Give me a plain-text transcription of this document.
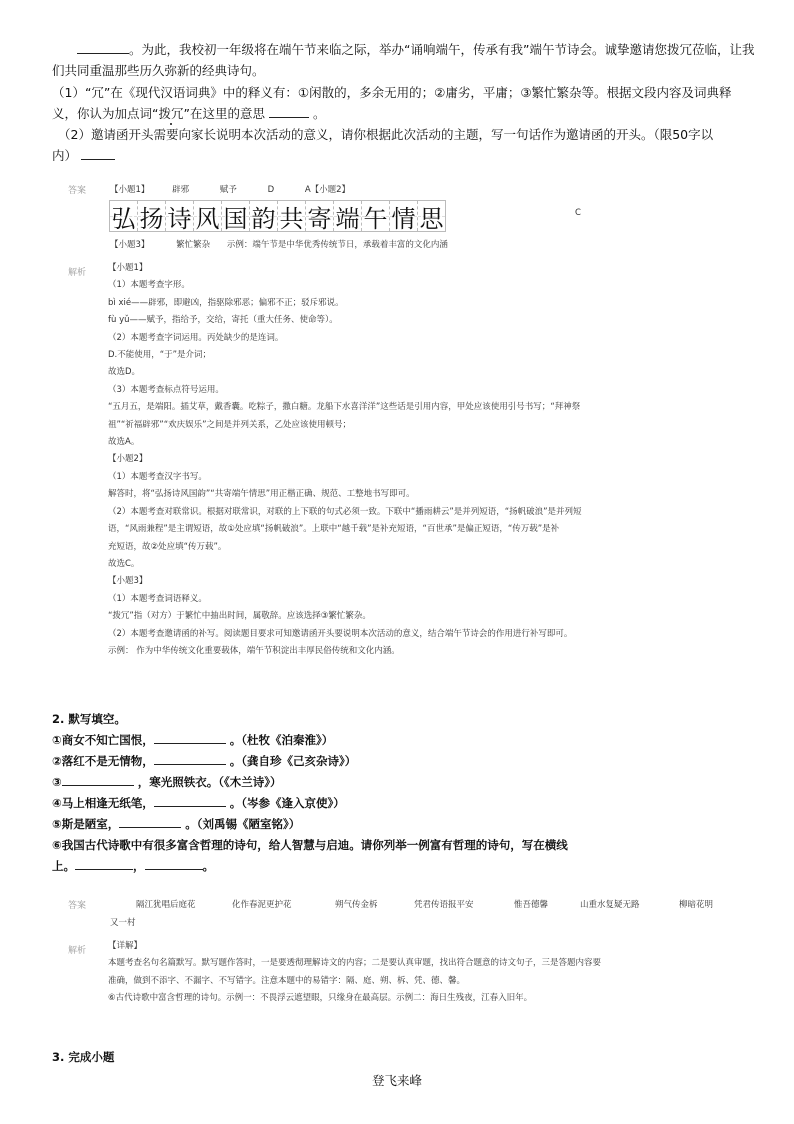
。为此，我校初一年级将在端午节来临之际，举办“诵响端午，传承有我”端午节诗会。诚挚邀请您拨冗莅临，让我
们共同重温那些历久弥新的经典诗句。
（1）“冗”在《现代汉语词典》中的释义有：①闲散的，多余无用的；②庸劣，平庸；③繁忙繁杂等。根据文段内容及词典释
义，你认为加点词“拨冗”在这里的意思	。
（2）邀请函开头需要向家长说明本次活动的意义，请你根据此次活动的主题，写一句话作为邀请函的开头。（限50字以
内）
答案	【小题1】	辟邪	赋予	D	A【小题2】
弘 扬 诗 风 国 韵 共 寄 端 午 情 思	C
【小题3】	繁忙繁杂 示例：端午节是中华优秀传统节日，承载着丰富的文化内涵
解析	【小题1】
（1）本题考查字形。
bì xié——辟邪，即避凶，指驱除邪恶；偏邪不正；驳斥邪说。
fù yǔ——赋予，指给予，交给，寄托（重大任务、使命等）。
（2）本题考查字词运用。丙处缺少的是连词。
D.不能使用，“于”是介词；
故选D。
（3）本题考查标点符号运用。
“五月五，是端阳。插艾草，戴香囊。吃粽子，撒白糖。龙船下水喜洋洋”这些话是引用内容，甲处应该使用引号书写；“拜神祭
祖”“祈福辟邪”“欢庆娱乐”之间是并列关系，乙处应该使用顿号；
故选A。
【小题2】
（1）本题考查汉字书写。
解答时，将“弘扬诗风国韵”“共寄端午情思”用正楷正确、规范、工整地书写即可。
（2）本题考查对联常识。根据对联常识，对联的上下联的句式必须一致。下联中“播雨耕云”是并列短语，“扬帆破浪”是并列短
语，“风雨兼程”是主谓短语，故①处应填“扬帆破浪”。上联中“越千载”是补充短语，“百世承”是偏正短语，“传万载”是补
充短语，故②处应填“传万载”。
故选C。
【小题3】
（1）本题考查词语释义。
“拨冗”指（对方）于繁忙中抽出时间，属敬辞。应该选择③繁忙繁杂。
（2）本题考查邀请函的补写。阅读题目要求可知邀请函开头要说明本次活动的意义，结合端午节诗会的作用进行补写即可。
示例： 作为中华传统文化重要载体，端午节积淀出丰厚民俗传统和文化内涵。
2. 默写填空。
①商女不知亡国恨，	。（杜牧《泊秦淮》）
②落红不是无情物，	。（龚自珍《己亥杂诗》）
③	，寒光照铁衣。（《木兰诗》）
④马上相逢无纸笔，	。（岑参《逢入京使》）
⑤斯是陋室，	。（刘禹锡《陋室铭》）
⑥我国古代诗歌中有很多富含哲理的诗句，给人智慧与启迪。请你列举一例富有哲理的诗句，写在横线
上。	，	。
答案	隔江犹唱后庭花	化作春泥更护花	朔气传金柝	凭君传语报平安	惟吾德馨	山重水复疑无路	柳暗花明
又一村
解析	【详解】
本题考查名句名篇默写。默写题作答时，一是要透彻理解诗文的内容；二是要认真审题，找出符合题意的诗文句子，三是答题内容要
准确，做到不添字、不漏字、不写错字。注意本题中的易错字：隔、庭、朔、柝、凭、德、馨。
⑥古代诗歌中富含哲理的诗句。示例一：不畏浮云遮望眼，只缘身在最高层。示例二：海日生残夜，江春入旧年。
3. 完成小题
登飞来峰
